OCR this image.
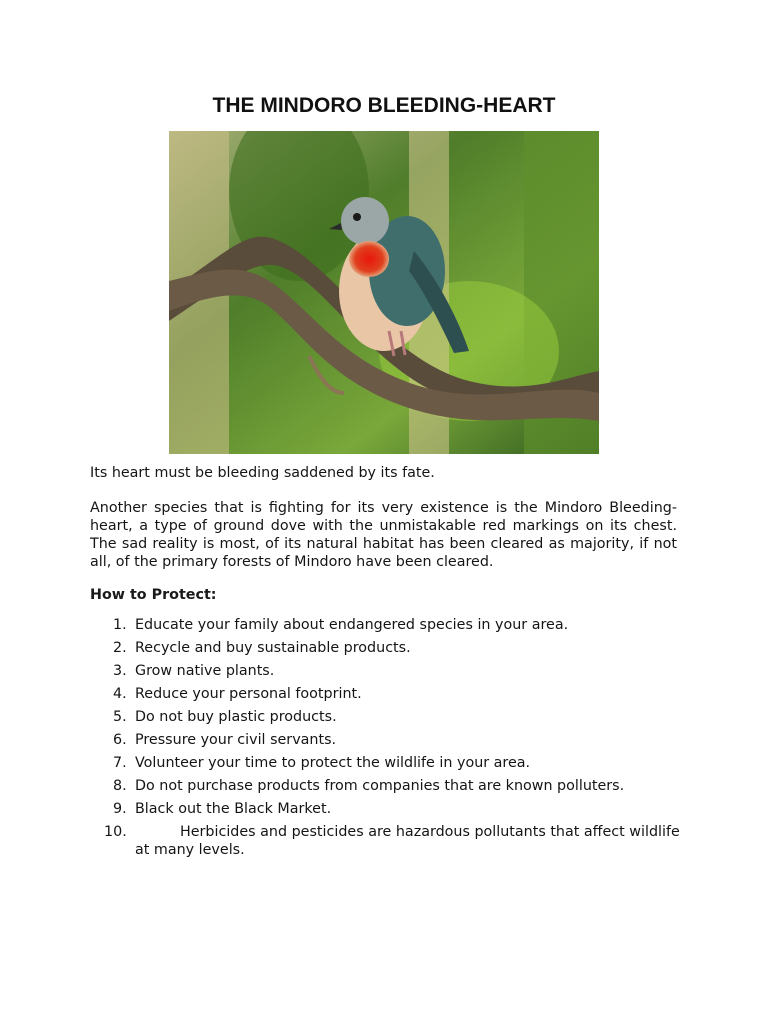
THE MINDORO BLEEDING-HEART

Its heart must be bleeding saddened by its fate.

Another species that is fighting for its very existence is the Mindoro Bleeding-heart, a type of ground dove with the unmistakable red markings on its chest. The sad reality is most, of its natural habitat has been cleared as majority, if not all, of the primary forests of Mindoro have been cleared.

How to Protect:
1. Educate your family about endangered species in your area.
2. Recycle and buy sustainable products.
3. Grow native plants.
4. Reduce your personal footprint.
5. Do not buy plastic products.
6. Pressure your civil servants.
7. Volunteer your time to protect the wildlife in your area.
8. Do not purchase products from companies that are known polluters.
9. Black out the Black Market.
10.	Herbicides and pesticides are hazardous pollutants that affect wildlife at many levels.
